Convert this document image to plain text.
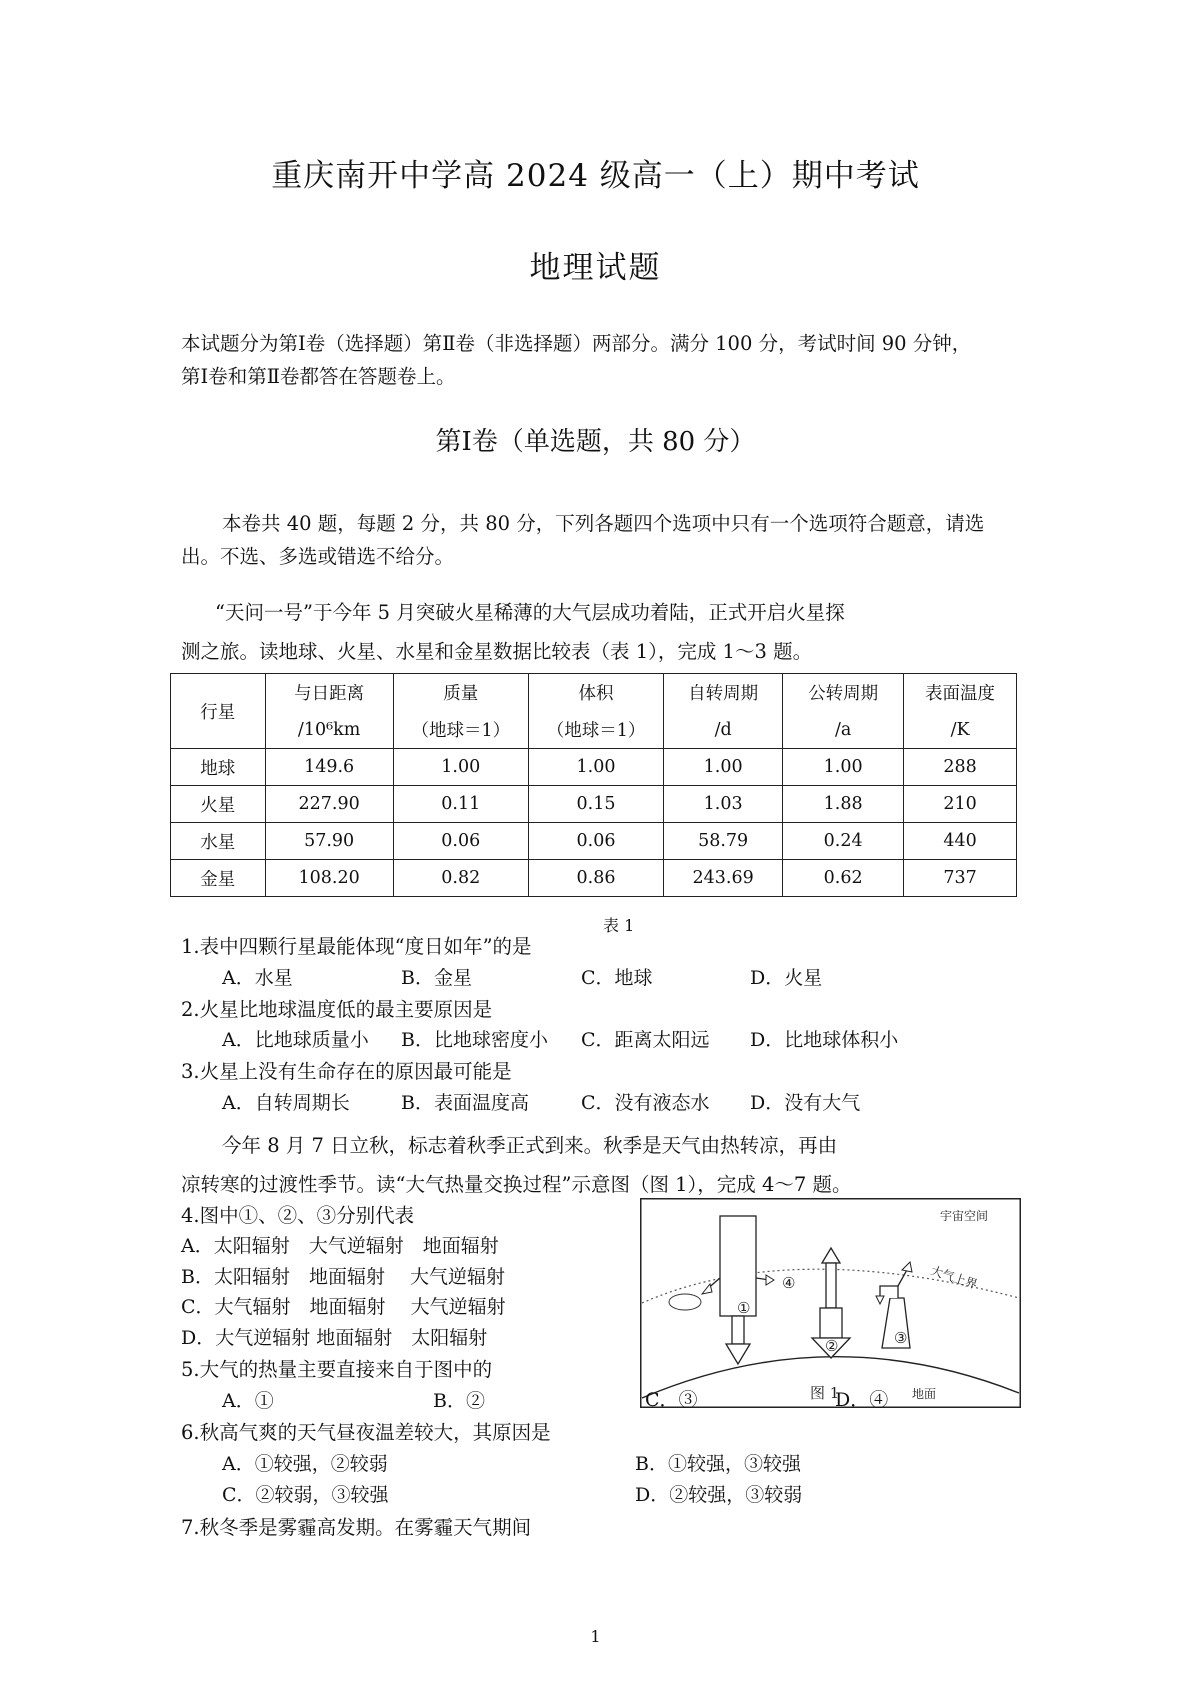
重庆南开中学高 2024 级高一（上）期中考试
地理试题
本试题分为第Ⅰ卷（选择题）第Ⅱ卷（非选择题）两部分。满分 100 分，考试时间 90 分钟，
第Ⅰ卷和第Ⅱ卷都答在答题卷上。
第Ⅰ卷（单选题，共 80 分）
本卷共 40 题，每题 2 分，共 80 分，下列各题四个选项中只有一个选项符合题意，请选
出。不选、多选或错选不给分。
“天问一号”于今年 5 月突破火星稀薄的大气层成功着陆，正式开启火星探
测之旅。读地球、火星、水星和金星数据比较表（表 1），完成 1～3 题。
行星	与日距离	质量	体积	自转周期	公转周期	表面温度
	/10⁶km	（地球＝1）	（地球＝1）	/d	/a	/K
地球	149.6	1.00	1.00	1.00	1.00	288
火星	227.90	0.11	0.15	1.03	1.88	210
水星	57.90	0.06	0.06	58.79	0.24	440
金星	108.20	0.82	0.86	243.69	0.62	737
表 1
1.表中四颗行星最能体现“度日如年”的是
A．水星	B．金星	C．地球	D．火星
2.火星比地球温度低的最主要原因是
A．比地球质量小 B．比地球密度小 C．距离太阳远 D．比地球体积小
3.火星上没有生命存在的原因最可能是
A．自转周期长	B．表面温度高	C．没有液态水 D．没有大气
今年 8 月 7 日立秋，标志着秋季正式到来。秋季是天气由热转凉，再由
凉转寒的过渡性季节。读“大气热量交换过程”示意图（图 1），完成 4～7 题。
4.图中①、②、③分别代表
A．太阳辐射　大气逆辐射　地面辐射
B．太阳辐射　地面辐射　 大气逆辐射
C．大气辐射　地面辐射　 大气逆辐射
D．大气逆辐射 地面辐射　太阳辐射
5.大气的热量主要直接来自于图中的
A．①	B．②
宇宙空间
大气上界
①
④
②	③
图 1	地面
C．③	D．④
6.秋高气爽的天气昼夜温差较大，其原因是
A．①较强，②较弱	B．①较强，③较强
C．②较弱，③较强	D．②较强，③较弱
7.秋冬季是雾霾高发期。在雾霾天气期间
1
